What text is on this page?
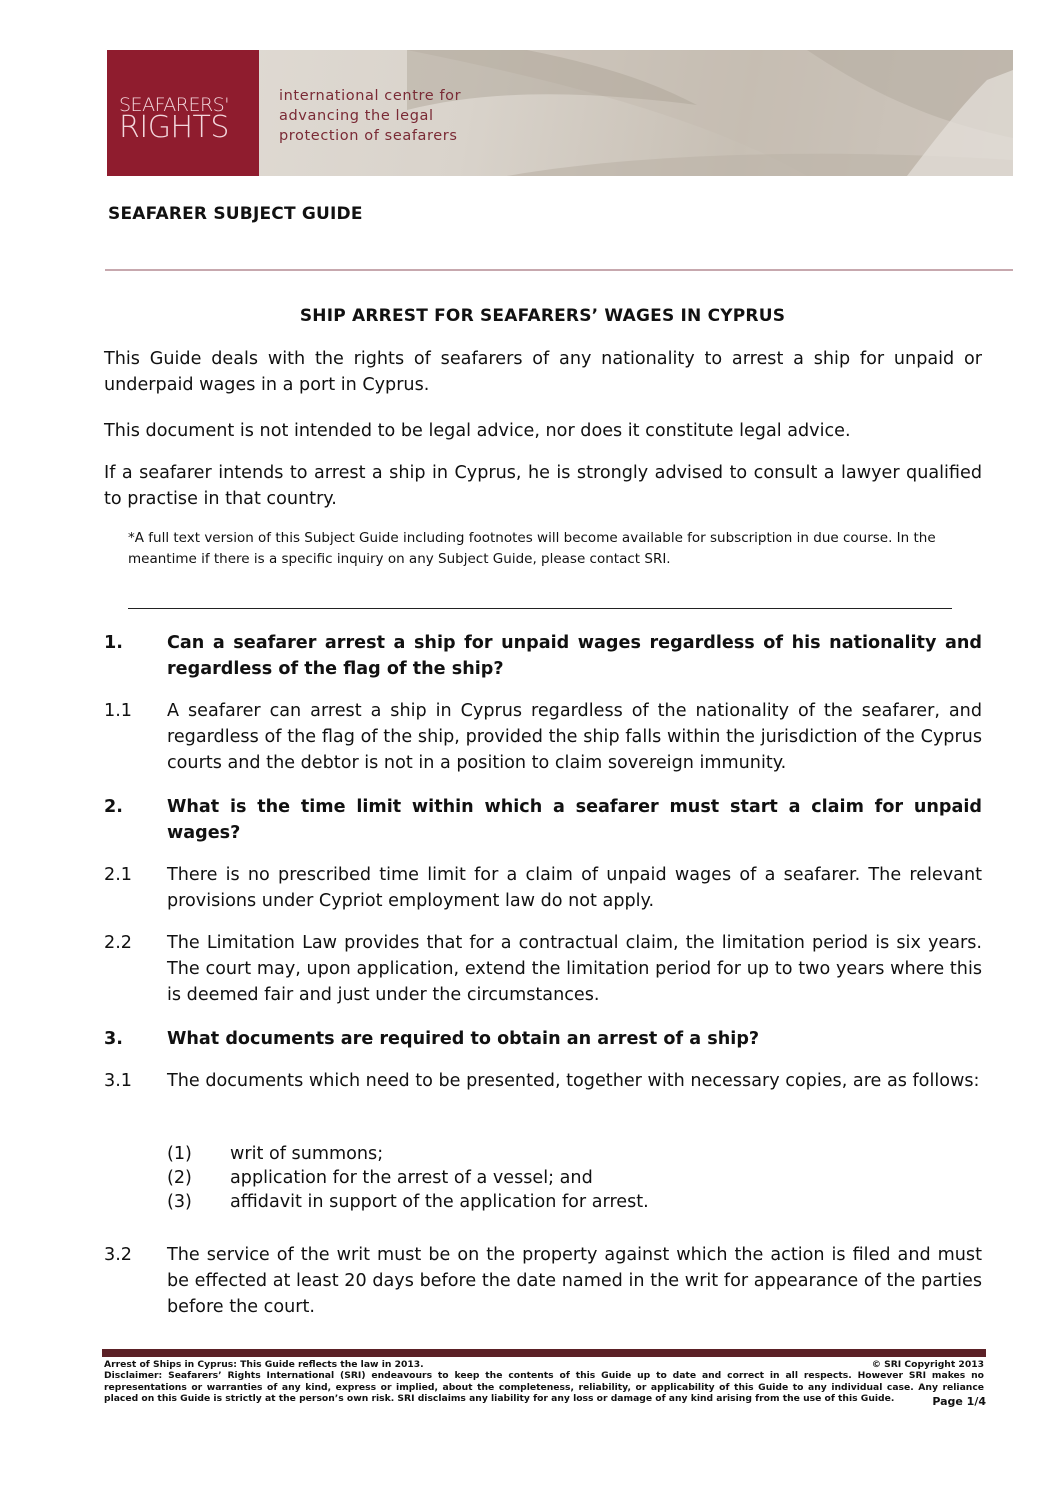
SEAFARERS'
RIGHTS
international centre for
advancing the legal
protection of seafarers
SEAFARER SUBJECT GUIDE
SHIP ARREST FOR SEAFARERS’ WAGES IN CYPRUS
This Guide deals with the rights of seafarers of any nationality to arrest a ship for unpaid or underpaid wages in a port in Cyprus.
This document is not intended to be legal advice, nor does it constitute legal advice.
If a seafarer intends to arrest a ship in Cyprus, he is strongly advised to consult a lawyer qualified to practise in that country.
*A full text version of this Subject Guide including footnotes will become available for subscription in due course. In the meantime if there is a specific inquiry on any Subject Guide, please contact SRI.
1.	Can a seafarer arrest a ship for unpaid wages regardless of his nationality and regardless of the flag of the ship?
1.1 A seafarer can arrest a ship in Cyprus regardless of the nationality of the seafarer, and regardless of the flag of the ship, provided the ship falls within the jurisdiction of the Cyprus courts and the debtor is not in a position to claim sovereign immunity.
2.	What is the time limit within which a seafarer must start a claim for unpaid wages?
2.1 There is no prescribed time limit for a claim of unpaid wages of a seafarer. The relevant provisions under Cypriot employment law do not apply.
2.2 The Limitation Law provides that for a contractual claim, the limitation period is six years. The court may, upon application, extend the limitation period for up to two years where this is deemed fair and just under the circumstances.
3.	What documents are required to obtain an arrest of a ship?
3.1 The documents which need to be presented, together with necessary copies, are as follows:
(1) writ of summons;
(2) application for the arrest of a vessel; and
(3) affidavit in support of the application for arrest.
3.2 The service of the writ must be on the property against which the action is filed and must be effected at least 20 days before the date named in the writ for appearance of the parties before the court.
Arrest of Ships in Cyprus: This Guide reflects the law in 2013.	© SRI Copyright 2013
Disclaimer: Seafarers’ Rights International (SRI) endeavours to keep the contents of this Guide up to date and correct in all respects. However SRI makes no representations or warranties of any kind, express or implied, about the completeness, reliability, or applicability of this Guide to any individual case. Any reliance placed on this Guide is strictly at the person’s own risk. SRI disclaims any liability for any loss or damage of any kind arising from the use of this Guide.	Page 1/4
